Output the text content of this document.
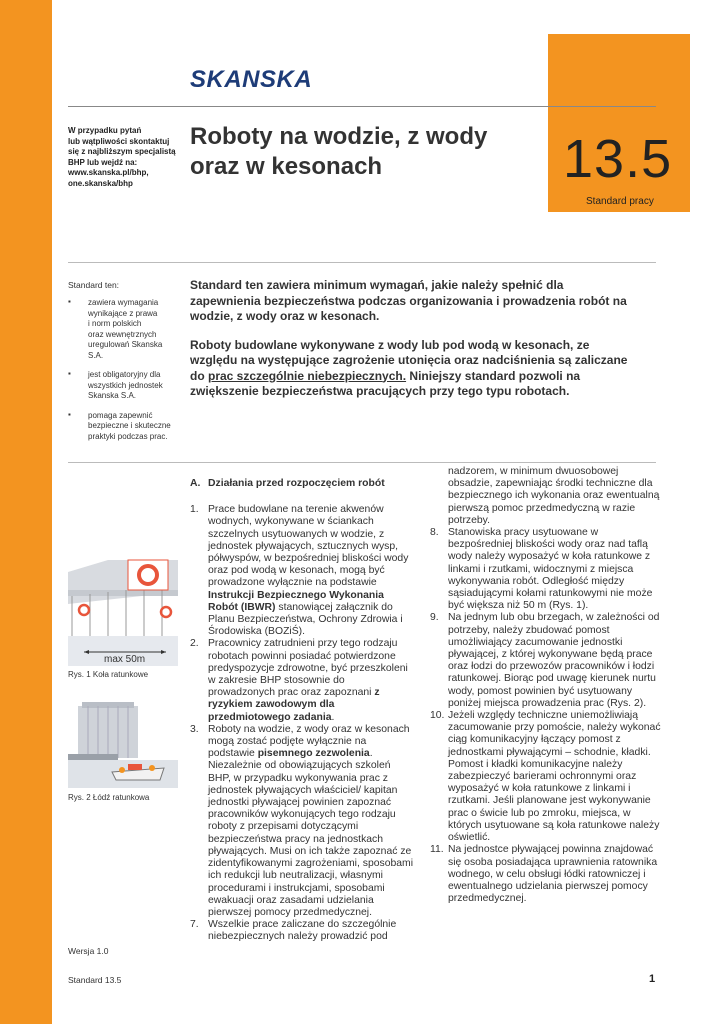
13.5
Standard pracy
SKANSKA
W przypadku pytań
lub wątpliwości skontaktuj
się z najbliższym specjalistą
BHP lub wejdź na:
www.skanska.pl/bhp,
one.skanska/bhp
Roboty na wodzie, z wody
oraz w kesonach
Standard ten:
▪ zawiera wymagania
wynikające z prawa
i norm polskich
oraz wewnętrznych
uregulowań Skanska S.A.
▪ jest obligatoryjny dla
wszystkich jednostek
Skanska S.A.
▪ pomaga zapewnić
bezpieczne i skuteczne
praktyki podczas prac.

Standard ten zawiera minimum wymagań, jakie należy spełnić dla zapewnienia bezpieczeństwa podczas organizowania i prowadzenia robót na wodzie, z wody oraz w kesonach.

Roboty budowlane wykonywane z wody lub pod wodą w kesonach, ze względu na występujące zagrożenie utonięcia oraz nadciśnienia są zaliczane do prac szczególnie niebezpiecznych. Niniejszy standard pozwoli na zwiększenie bezpieczeństwa pracujących przy tego typu robotach.

max 50m
Rys. 1 Koła ratunkowe
Rys. 2 Łódź ratunkowa
A. Działania przed rozpoczęciem robót
1. Prace budowlane na terenie akwenów wodnych, wykonywane w ściankach szczelnych usytuowanych w wodzie, z jednostek pływających, sztucznych wysp, półwyspów, w bezpośredniej bliskości wody oraz pod wodą w kesonach, mogą być prowadzone wyłącznie na podstawie Instrukcji Bezpiecznego Wykonania Robót (IBWR) stanowiącej załącznik do Planu Bezpieczeństwa, Ochrony Zdrowia i Środowiska (BOZiŚ).
2. Pracownicy zatrudnieni przy tego rodzaju robotach powinni posiadać potwierdzone predyspozycje zdrowotne, być przeszkoleni w zakresie BHP stosownie do prowadzonych prac oraz zapoznani z ryzykiem zawodowym dla przedmiotowego zadania.
3. Roboty na wodzie, z wody oraz w kesonach mogą zostać podjęte wyłącznie na podstawie pisemnego zezwolenia. Niezależnie od obowiązujących szkoleń BHP, w przypadku wykonywania prac z jednostek pływających właściciel/ kapitan jednostki pływającej powinien zapoznać pracowników wykonujących tego rodzaju roboty z przepisami dotyczącymi bezpieczeństwa pracy na jednostkach pływających. Musi on ich także zapoznać ze zidentyfikowanymi zagrożeniami, sposobami ich redukcji lub neutralizacji, własnymi procedurami i instrukcjami, sposobami ewakuacji oraz zasadami udzielania pierwszej pomocy przedmedycznej.
7. Wszelkie prace zaliczane do szczególnie niebezpiecznych należy prowadzić pod
nadzorem, w minimum dwuosobowej obsadzie, zapewniając środki techniczne dla bezpiecznego ich wykonania oraz ewentualną pierwszą pomoc przedmedyczną w razie potrzeby.
8. Stanowiska pracy usytuowane w bezpośredniej bliskości wody oraz nad taflą wody należy wyposażyć w koła ratunkowe z linkami i rzutkami, widocznymi z miejsca wykonywania robót. Odległość między sąsiadującymi kołami ratunkowymi nie może być większa niż 50 m (Rys. 1).
9. Na jednym lub obu brzegach, w zależności od potrzeby, należy zbudować pomost umożliwiający zacumowanie jednostki pływającej, z której wykonywane będą prace oraz łodzi do przewozów pracowników i łodzi ratunkowej. Biorąc pod uwagę kierunek nurtu wody, pomost powinien być usytuowany poniżej miejsca prowadzenia prac (Rys. 2).
10. Jeżeli względy techniczne uniemożliwiają zacumowanie przy pomoście, należy wykonać ciąg komunikacyjny łączący pomost z jednostkami pływającymi – schodnie, kładki. Pomost i kładki komunikacyjne należy zabezpieczyć barierami ochronnymi oraz wyposażyć w koła ratunkowe z linkami i rzutkami. Jeśli planowane jest wykonywanie prac o świcie lub po zmroku, miejsca, w których usytuowane są koła ratunkowe należy oświetlić.
11. Na jednostce pływającej powinna znajdować się osoba posiadająca uprawnienia ratownika wodnego, w celu obsługi łódki ratowniczej i ewentualnego udzielania pierwszej pomocy przedmedycznej.
Wersja 1.0
Standard 13.5	1
